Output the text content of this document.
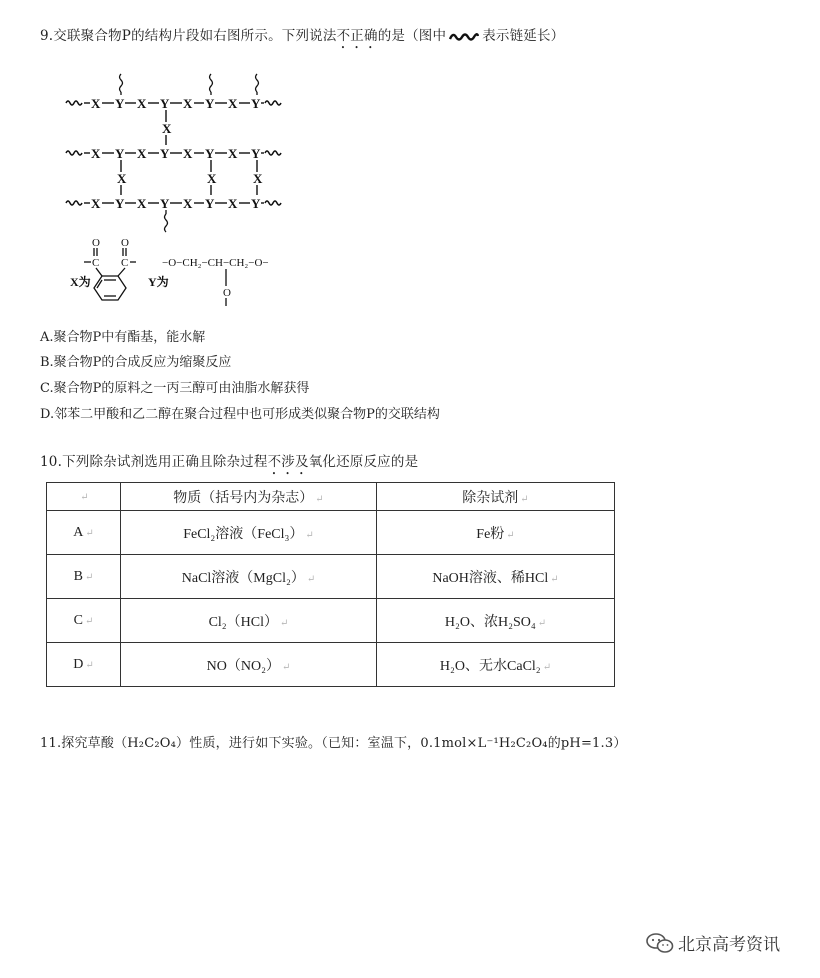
9.交联聚合物P的结构片段如右图所示。下列说法不正确的是（图中	表示链延长）
X Y X Y X Y X Y
X Y X Y X Y X Y
X Y X Y X Y X Y
X
X	X	X
O O
C C
X为	Y为
−O−CH₂−CH−CH₂−O−
O
A.聚合物P中有酯基，能水解
B.聚合物P的合成反应为缩聚反应
C.聚合物P的原料之一丙三醇可由油脂水解获得
D.邻苯二甲酸和乙二醇在聚合过程中也可形成类似聚合物P的交联结构
10.下列除杂试剂选用正确且除杂过程不涉及氧化还原反应的是
↵	物质（括号内为杂志） ↵	除杂试剂 ↵
A ↵	FeCl₂溶液（FeCl₃） ↵	Fe粉 ↵
B ↵	NaCl溶液（MgCl₂） ↵	NaOH溶液、稀HCl ↵
C ↵	Cl₂（HCl） ↵	H₂O、浓H₂SO₄ ↵
D ↵	NO（NO₂） ↵	H₂O、无水CaCl₂ ↵
11.探究草酸（H₂C₂O₄）性质，进行如下实验。（已知：室温下，0.1mol×L⁻¹H₂C₂O₄的pH=1.3）
北京高考资讯
